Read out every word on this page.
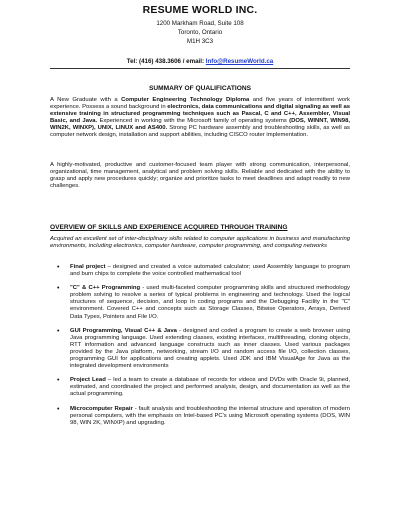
RESUME WORLD INC.
1200 Markham Road, Suite 108
Toronto, Ontario
M1H 3C3
Tel: (416) 438.3606 / email: Info@ResumeWorld.ca
SUMMARY OF QUALIFICATIONS
A New Graduate with a Computer Engineering Technology Diploma and five years of intermittent work experience. Possess a sound background in electronics, data communications and digital signaling as well as extensive training in structured programming techniques such as Pascal, C and C++, Assembler, Visual Basic, and Java. Experienced in working with the Microsoft family of operating systems (DOS, WINNT, WIN98, WIN2K, WINXP), UNIX, LINUX and AS400. Strong PC hardware assembly and troubleshooting skills, as well as computer network design, installation and support abilities, including CISCO router implementation.
A highly-motivated, productive and customer-focused team player with strong communication, interpersonal, organizational, time management, analytical and problem solving skills. Reliable and dedicated with the ability to grasp and apply new procedures quickly; organize and prioritize tasks to meet deadlines and adapt readily to new challenges.
OVERVIEW OF SKILLS AND EXPERIENCE ACQUIRED THROUGH TRAINING
Acquired an excellent set of inter-disciplinary skills related to computer applications in business and manufacturing environments, including electronics, computer hardware, computer programming, and computing networks
• Final project – designed and created a voice automated calculator; used Assembly language to program and burn chips to complete the voice controlled mathematical tool
• "C" & C++ Programming - used multi-faceted computer programming skills and structured methodology problem solving to resolve a series of typical problems in engineering and technology. Used the logical structures of sequence, decision, and loop in coding programs and the Debugging Facility in the "C" environment. Covered C++ and concepts such as Storage Classes, Bitwise Operators, Arrays, Derived Data Types, Pointers and File I/O.
• GUI Programming, Visual C++ & Java - designed and coded a program to create a web browser using Java programming language. Used extending classes, existing interfaces, multithreading, cloning objects, RTT information and advanced language constructs such as inner classes. Used various packages provided by the Java platform, networking, stream I/O and random access file I/O, collection classes, programming GUI for applications and creating applets. Used JDK and IBM VisualAge for Java as the integrated development environments
• Project Lead – led a team to create a database of records for videos and DVDs with Oracle 9i, planned, estimated, and coordinated the project and performed analysis, design, and documentation as well as the actual programming.
• Microcomputer Repair - fault analysis and troubleshooting the internal structure and operation of modern personal computers, with the emphasis on Intel-based PC's using Microsoft operating systems (DOS, WIN 98, WIN 2K, WINXP) and upgrading.
